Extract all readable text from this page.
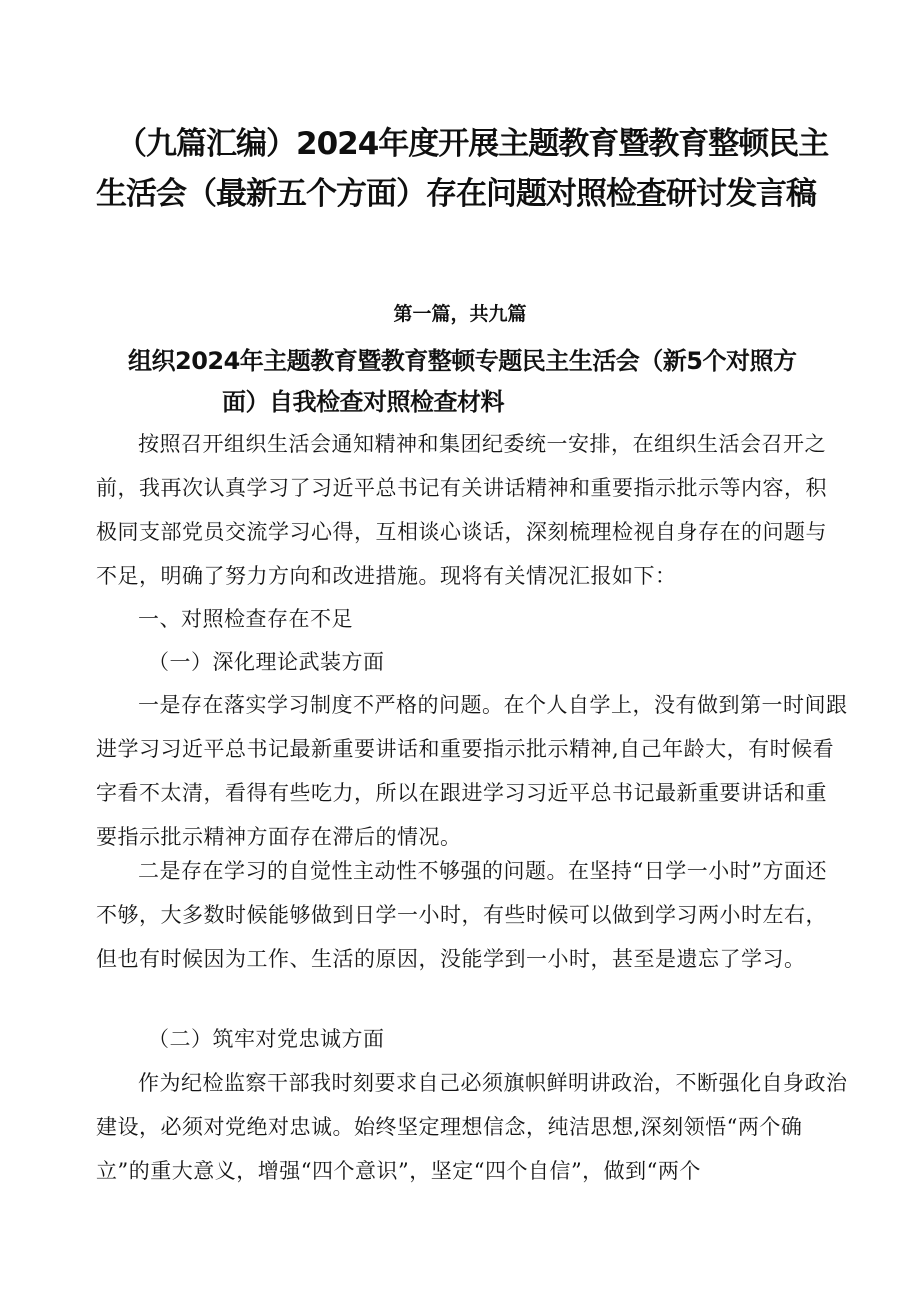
（九篇汇编）2024年度开展主题教育暨教育整顿民主
生活会（最新五个方面）存在问题对照检查研讨发言稿
第一篇，共九篇
组织2024年主题教育暨教育整顿专题民主生活会（新5个对照方
面）自我检查对照检查材料
按照召开组织生活会通知精神和集团纪委统一安排，在组织生活会召开之前，我再次认真学习了习近平总书记有关讲话精神和重要指示批示等内容，积极同支部党员交流学习心得，互相谈心谈话，深刻梳理检视自身存在的问题与不足，明确了努力方向和改进措施。现将有关情况汇报如下：
一、对照检查存在不足
（一）深化理论武装方面
一是存在落实学习制度不严格的问题。在个人自学上，没有做到第一时间跟进学习习近平总书记最新重要讲话和重要指示批示精神,自己年龄大，有时候看字看不太清，看得有些吃力，所以在跟进学习习近平总书记最新重要讲话和重要指示批示精神方面存在滞后的情况。
二是存在学习的自觉性主动性不够强的问题。在坚持“日学一小时”方面还不够，大多数时候能够做到日学一小时，有些时候可以做到学习两小时左右，但也有时候因为工作、生活的原因，没能学到一小时，甚至是遗忘了学习。
（二）筑牢对党忠诚方面
作为纪检监察干部我时刻要求自己必须旗帜鲜明讲政治，不断强化自身政治建设，必须对党绝对忠诚。始终坚定理想信念，纯洁思想,深刻领悟“两个确立”的重大意义，增强“四个意识”，坚定“四个自信”，做到“两个
